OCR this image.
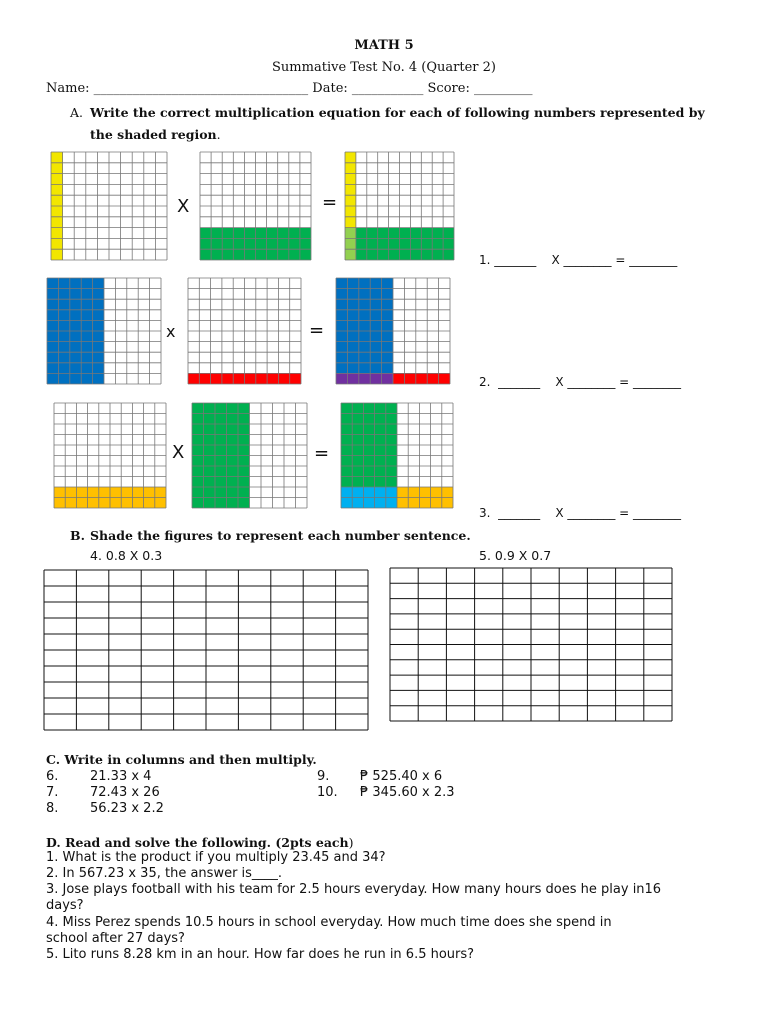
MATH 5
Summative Test No. 4 (Quarter 2)
Name: _________________________________ Date: ___________ Score: _________
A. Write the correct multiplication equation for each of following numbers represented by
the shaded region.
X	=
1. _______    X ________ = ________
x	=
2.  _______    X ________ = ________
X	=
3.  _______    X ________ = ________
B. Shade the figures to represent each number sentence.
4. 0.8 X 0.3	5. 0.9 X 0.7
C. Write in columns and then multiply.
6. 21.33 x 4
7. 72.43 x 26
8. 56.23 x 2.2
9. ₱ 525.40 x 6
10. ₱ 345.60 x 2.3
D. Read and solve the following. (2pts each)
1. What is the product if you multiply 23.45 and 34?
2. In 567.23 x 35, the answer is____.
3. Jose plays football with his team for 2.5 hours everyday. How many hours does he play in16
days?
4. Miss Perez spends 10.5 hours in school everyday. How much time does she spend in
school after 27 days?
5. Lito runs 8.28 km in an hour. How far does he run in 6.5 hours?
